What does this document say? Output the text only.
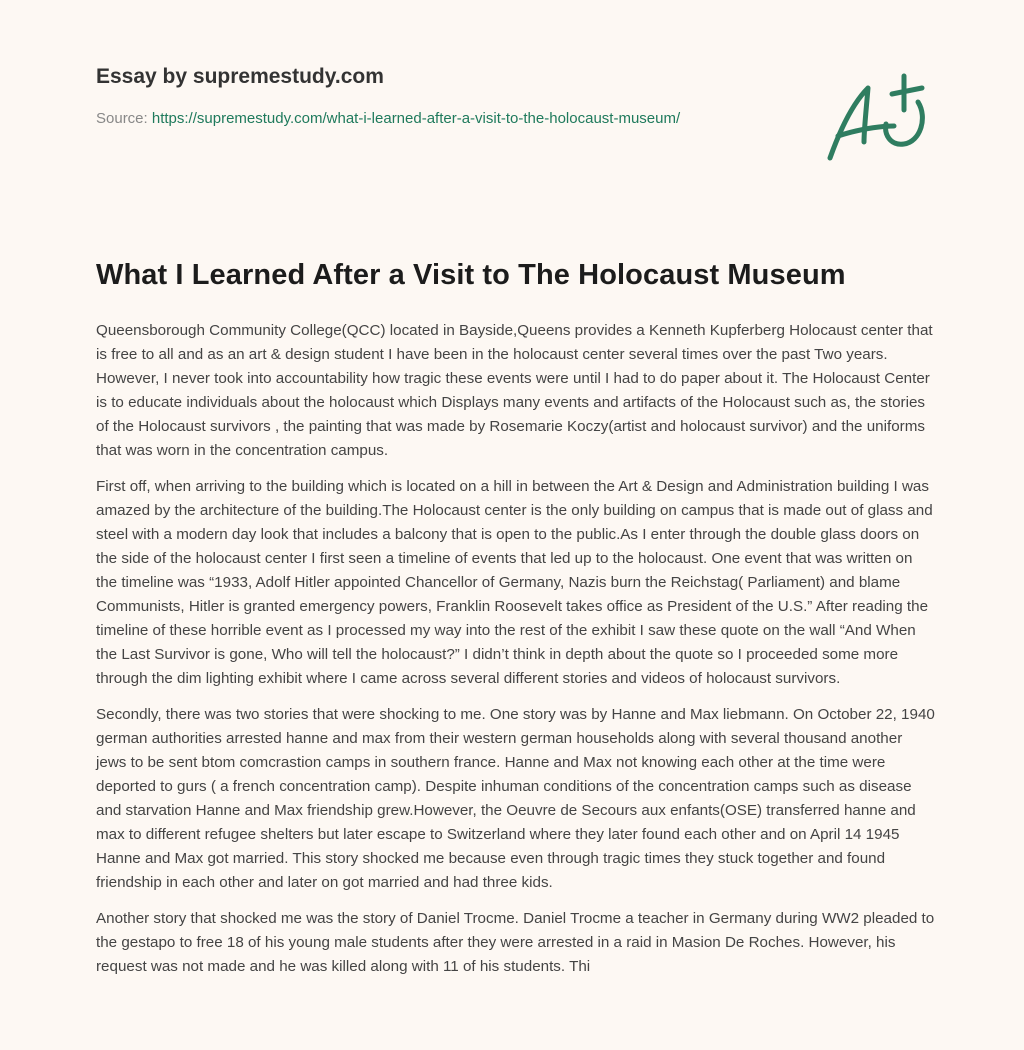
Essay by supremestudy.com
Source: https://supremestudy.com/what-i-learned-after-a-visit-to-the-holocaust-museum/
What I Learned After a Visit to The Holocaust Museum

Queensborough Community College(QCC) located in Bayside,Queens provides a Kenneth Kupferberg Holocaust center that is free to all and as an art & design student I have been in the holocaust center several times over the past Two years. However, I never took into accountability how tragic these events were until I had to do paper about it. The Holocaust Center is to educate individuals about the holocaust which Displays many events and artifacts of the Holocaust such as, the stories of the Holocaust survivors , the painting that was made by Rosemarie Koczy(artist and holocaust survivor) and the uniforms that was worn in the concentration campus.

First off, when arriving to the building which is located on a hill in between the Art & Design and Administration building I was amazed by the architecture of the building.The Holocaust center is the only building on campus that is made out of glass and steel with a modern day look that includes a balcony that is open to the public.As I enter through the double glass doors on the side of the holocaust center I first seen a timeline of events that led up to the holocaust. One event that was written on the timeline was “1933, Adolf Hitler appointed Chancellor of Germany, Nazis burn the Reichstag( Parliament) and blame Communists, Hitler is granted emergency powers, Franklin Roosevelt takes office as President of the U.S.” After reading the timeline of these horrible event as I processed my way into the rest of the exhibit I saw these quote on the wall “And When the Last Survivor is gone, Who will tell the holocaust?” I didn’t think in depth about the quote so I proceeded some more through the dim lighting exhibit where I came across several different stories and videos of holocaust survivors.

Secondly, there was two stories that were shocking to me. One story was by Hanne and Max liebmann. On October 22, 1940 german authorities arrested hanne and max from their western german households along with several thousand another jews to be sent btom comcrastion camps in southern france. Hanne and Max not knowing each other at the time were deported to gurs ( a french concentration camp). Despite inhuman conditions of the concentration camps such as disease and starvation Hanne and Max friendship grew.However, the Oeuvre de Secours aux enfants(OSE) transferred hanne and max to different refugee shelters but later escape to Switzerland where they later found each other and on April 14 1945 Hanne and Max got married. This story shocked me because even through tragic times they stuck together and found friendship in each other and later on got married and had three kids.

Another story that shocked me was the story of Daniel Trocme. Daniel Trocme a teacher in Germany during WW2 pleaded to the gestapo to free 18 of his young male students after they were arrested in a raid in Masion De Roches. However, his request was not made and he was killed along with 11 of his students. Thi
